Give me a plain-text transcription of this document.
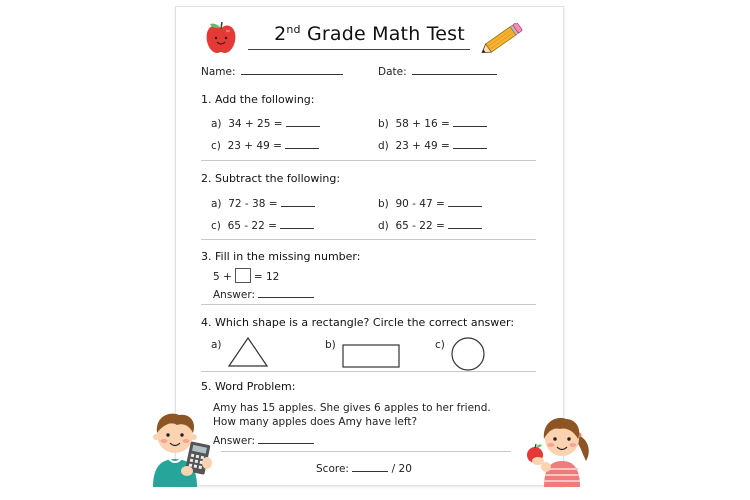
2nd Grade Math Test
Name:	Date:
1. Add the following:
a) 34 + 25 =	b) 58 + 16 =
c) 23 + 49 =	d) 23 + 49 =
2. Subtract the following:
a) 72 - 38 =	b) 90 - 47 =
c) 65 - 22 =	d) 65 - 22 =
3. Fill in the missing number:
5 + = 12
Answer:
4. Which shape is a rectangle? Circle the correct answer:
a)	b)	c)
5. Word Problem:
Amy has 15 apples. She gives 6 apples to her friend.
How many apples does Amy have left?
Answer:
Score:	/ 20
